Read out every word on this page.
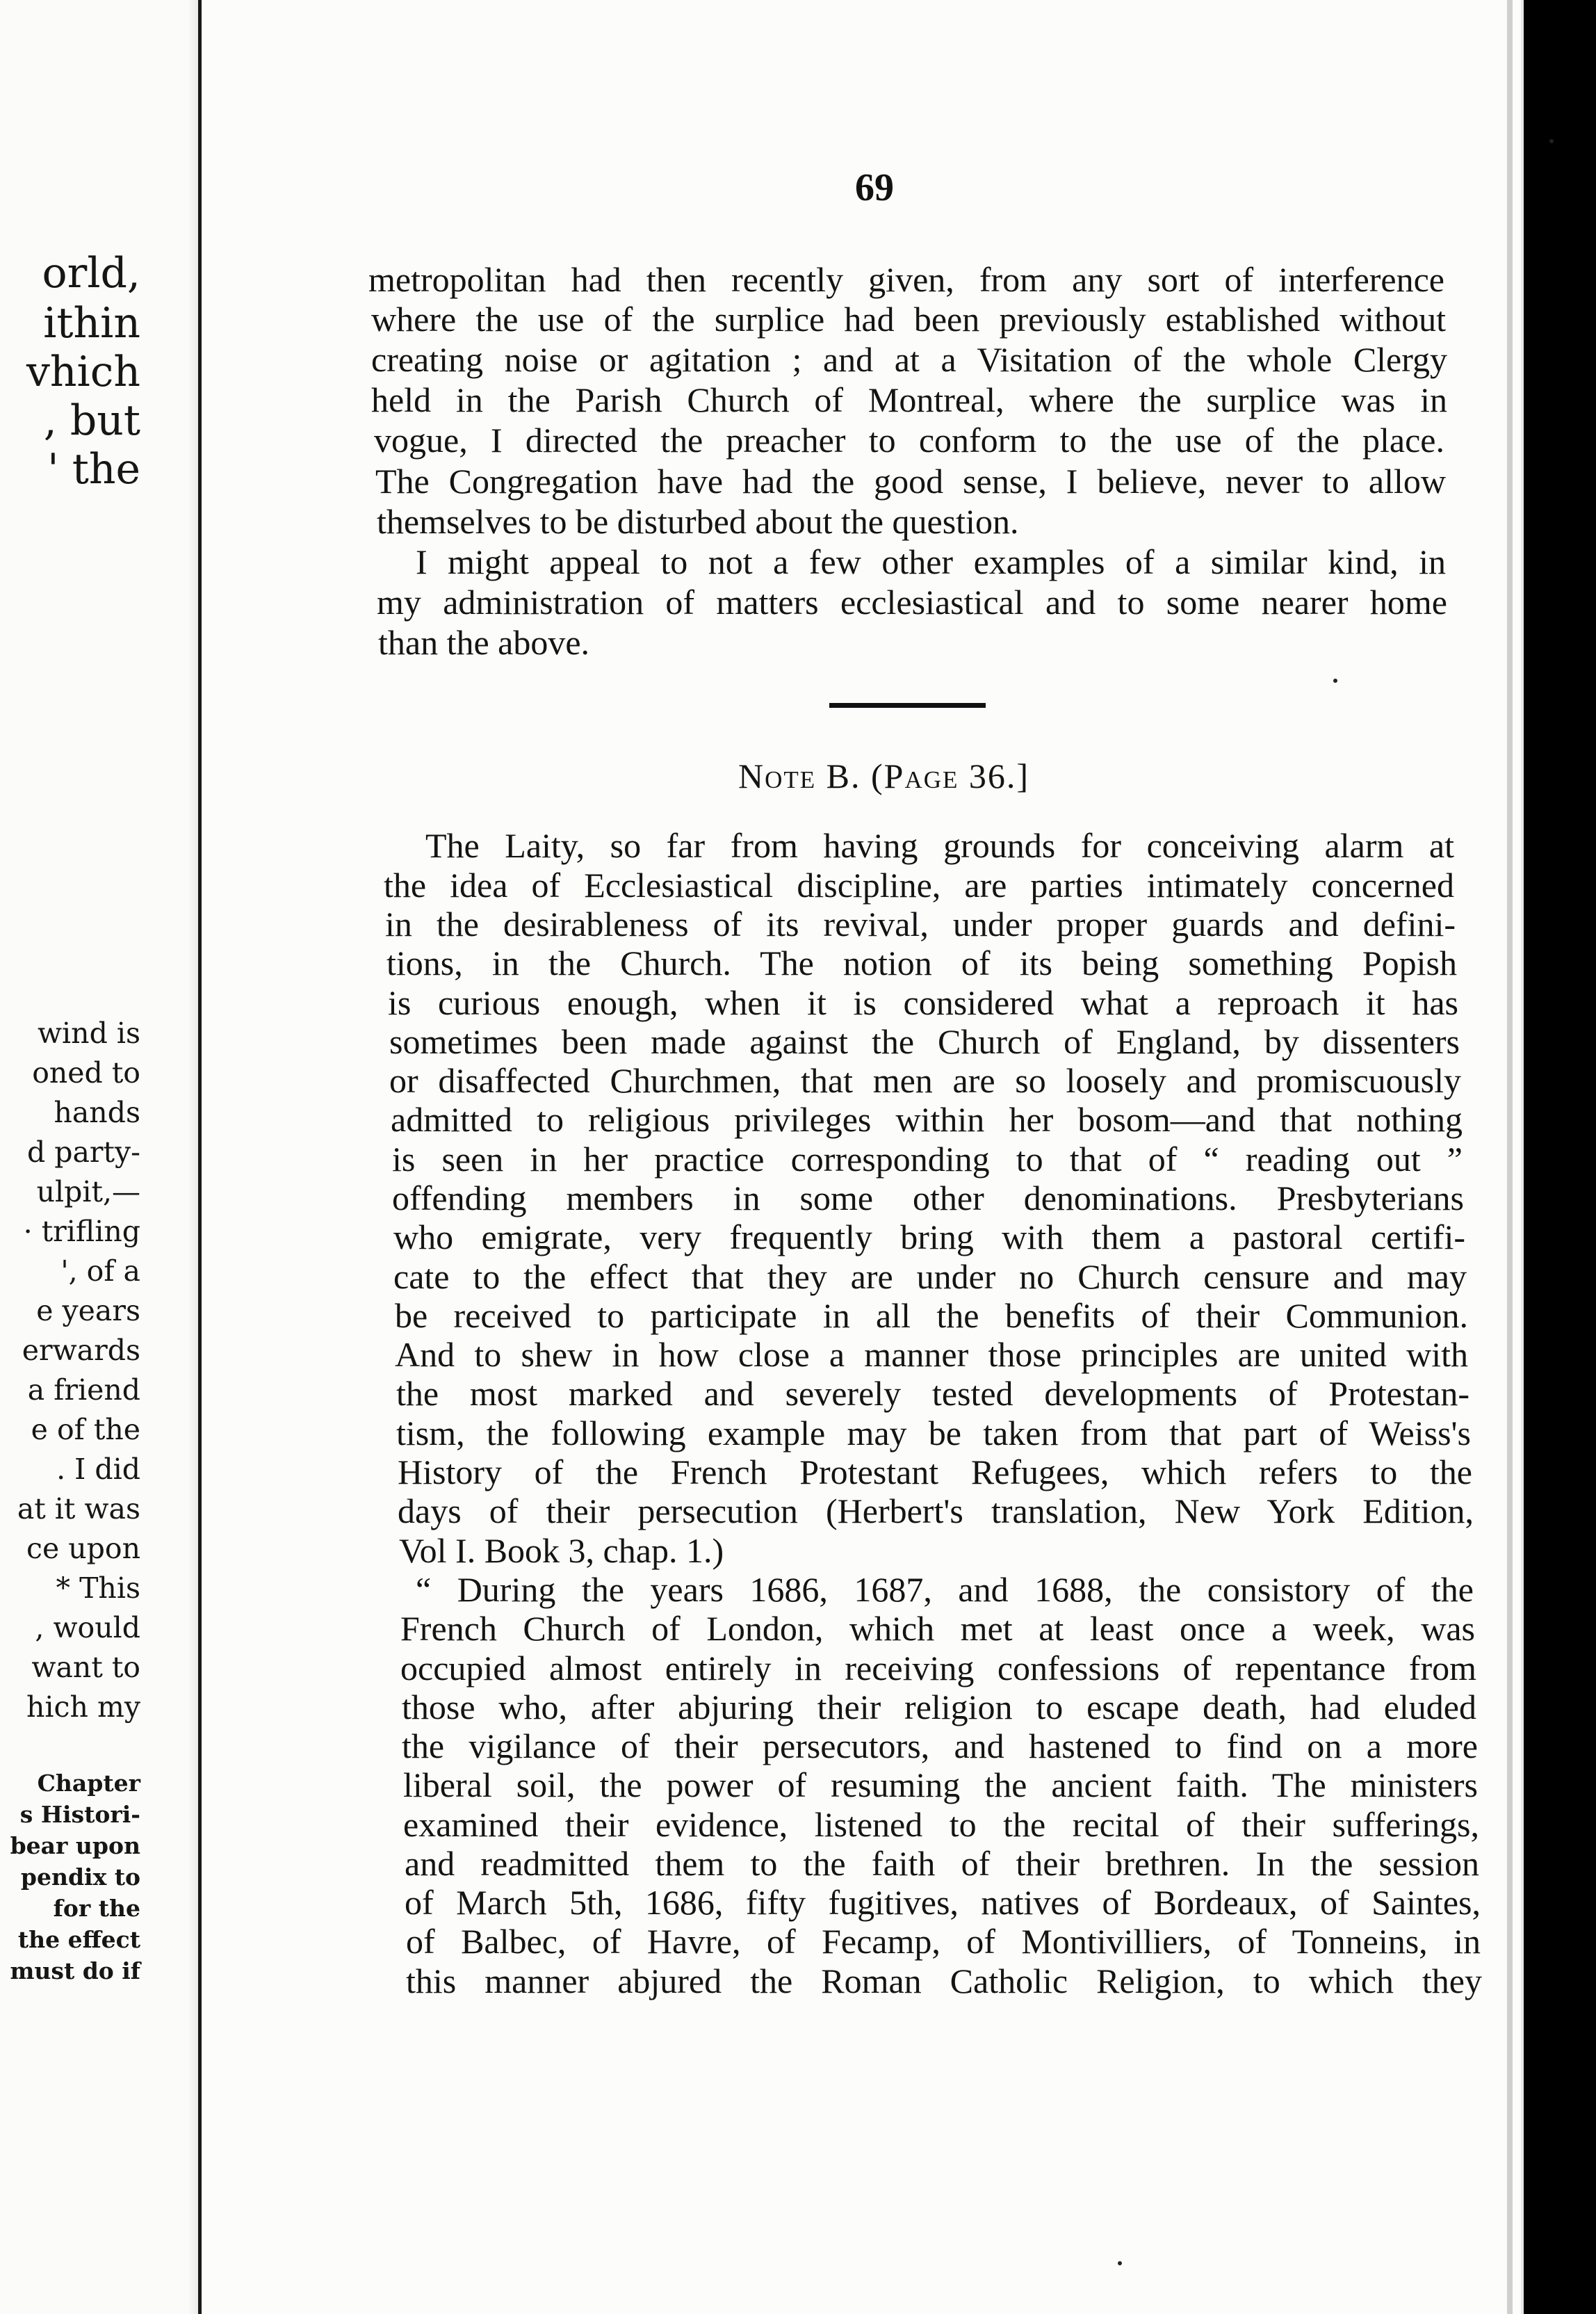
orld,
ithin
vhich
, but
' the
wind is
oned to
hands
d party-
ulpit,—
· trifling
', of a
e years
erwards
a friend
e of the
. I did
at it was
ce upon
* This
, would
want to
hich my
Chapter
s Histori-
bear upon
pendix to
for the
the effect
must do if
69
metropolitan had then recently given, from any sort of interference
where the use of the surplice had been previously established without
creating noise or agitation ; and at a Visitation of the whole Clergy
held in the Parish Church of Montreal, where the surplice was in
vogue, I directed the preacher to conform to the use of the place.
The Congregation have had the good sense, I believe, never to allow
themselves to be disturbed about the question.
I might appeal to not a few other examples of a similar kind, in
my administration of matters ecclesiastical and to some nearer home
than the above.
Note B. (Page 36.]
The Laity, so far from having grounds for conceiving alarm at
the idea of Ecclesiastical discipline, are parties intimately concerned
in the desirableness of its revival, under proper guards and defini-
tions, in the Church. The notion of its being something Popish
is curious enough, when it is considered what a reproach it has
sometimes been made against the Church of England, by dissenters
or disaffected Churchmen, that men are so loosely and promiscuously
admitted to religious privileges within her bosom—and that nothing
is seen in her practice corresponding to that of “ reading out ”
offending members in some other denominations. Presbyterians
who emigrate, very frequently bring with them a pastoral certifi-
cate to the effect that they are under no Church censure and may
be received to participate in all the benefits of their Communion.
And to shew in how close a manner those principles are united with
the most marked and severely tested developments of Protestan-
tism, the following example may be taken from that part of Weiss's
History of the French Protestant Refugees, which refers to the
days of their persecution (Herbert's translation, New York Edition,
Vol I. Book 3, chap. 1.)
“ During the years 1686, 1687, and 1688, the consistory of the
French Church of London, which met at least once a week, was
occupied almost entirely in receiving confessions of repentance from
those who, after abjuring their religion to escape death, had eluded
the vigilance of their persecutors, and hastened to find on a more
liberal soil, the power of resuming the ancient faith. The ministers
examined their evidence, listened to the recital of their sufferings,
and readmitted them to the faith of their brethren. In the session
of March 5th, 1686, fifty fugitives, natives of Bordeaux, of Saintes,
of Balbec, of Havre, of Fecamp, of Montivilliers, of Tonneins, in
this manner abjured the Roman Catholic Religion, to which they
